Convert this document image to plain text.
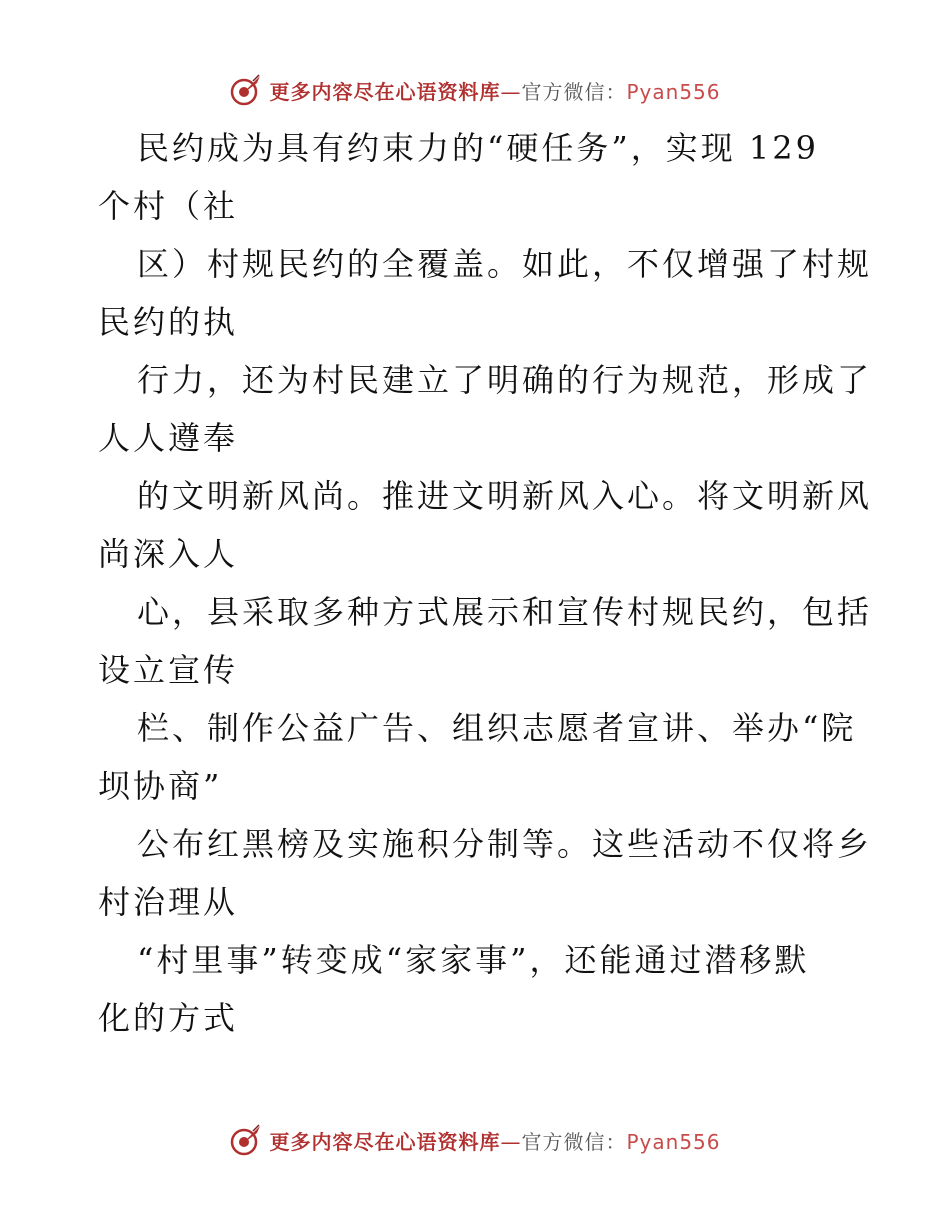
更多内容尽在心语资料库—官方微信：Pyan556
民约成为具有约束力的“硬任务”，实现 129
个村（社
区）村规民约的全覆盖。如此，不仅增强了村规
民约的执
行力，还为村民建立了明确的行为规范，形成了
人人遵奉
的文明新风尚。推进文明新风入心。将文明新风
尚深入人
心，县采取多种方式展示和宣传村规民约，包括
设立宣传
栏、制作公益广告、组织志愿者宣讲、举办“院
坝协商”
公布红黑榜及实施积分制等。这些活动不仅将乡
村治理从
“村里事”转变成“家家事”，还能通过潜移默
化的方式
更多内容尽在心语资料库—官方微信：Pyan556
